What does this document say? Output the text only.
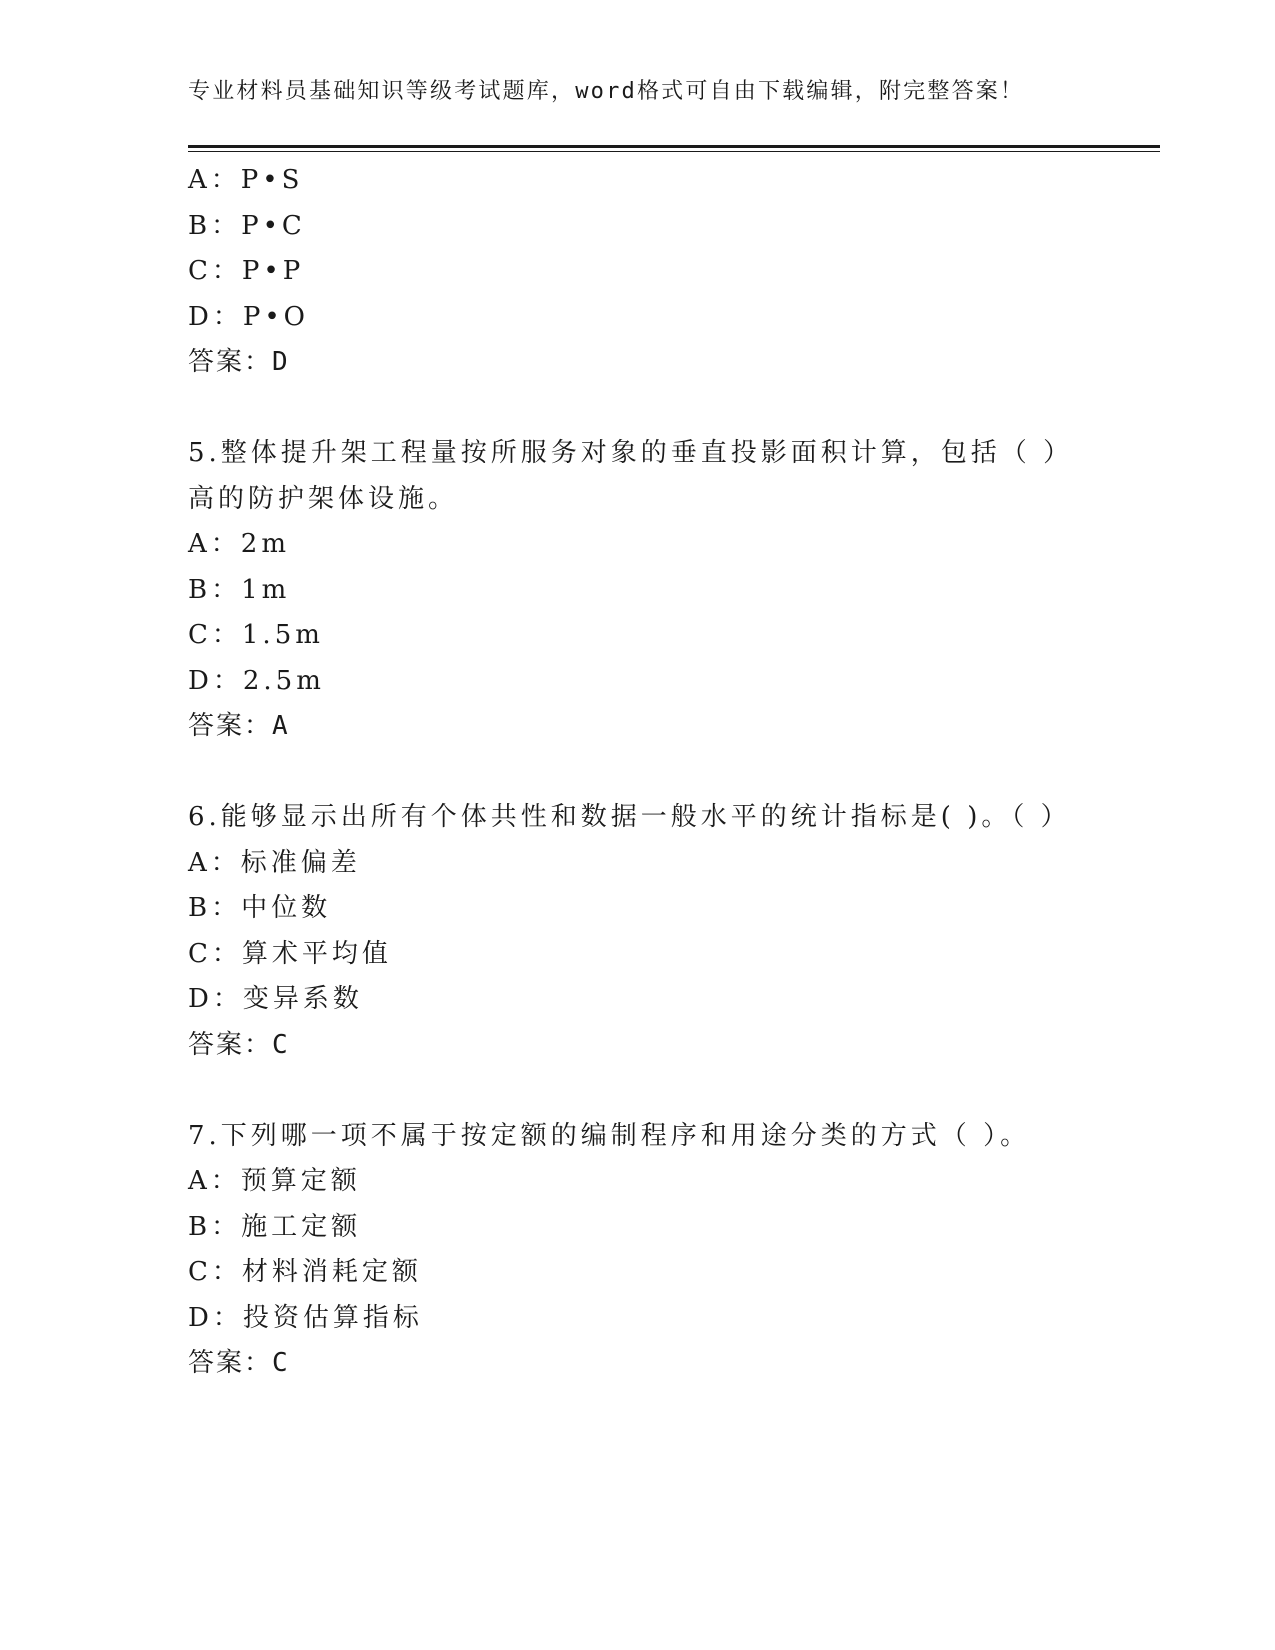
专业材料员基础知识等级考试题库，word格式可自由下载编辑，附完整答案！
A：P•S
B：P•C
C：P•P
D：P•O
答案：D
5.整体提升架工程量按所服务对象的垂直投影面积计算，包括（ ）高的防护架体设施。
A：2m
B：1m
C：1.5m
D：2.5m
答案：A
6.能够显示出所有个体共性和数据一般水平的统计指标是( )。（ ）
A：标准偏差
B：中位数
C：算术平均值
D：变异系数
答案：C
7.下列哪一项不属于按定额的编制程序和用途分类的方式（ ）。
A：预算定额
B：施工定额
C：材料消耗定额
D：投资估算指标
答案：C
